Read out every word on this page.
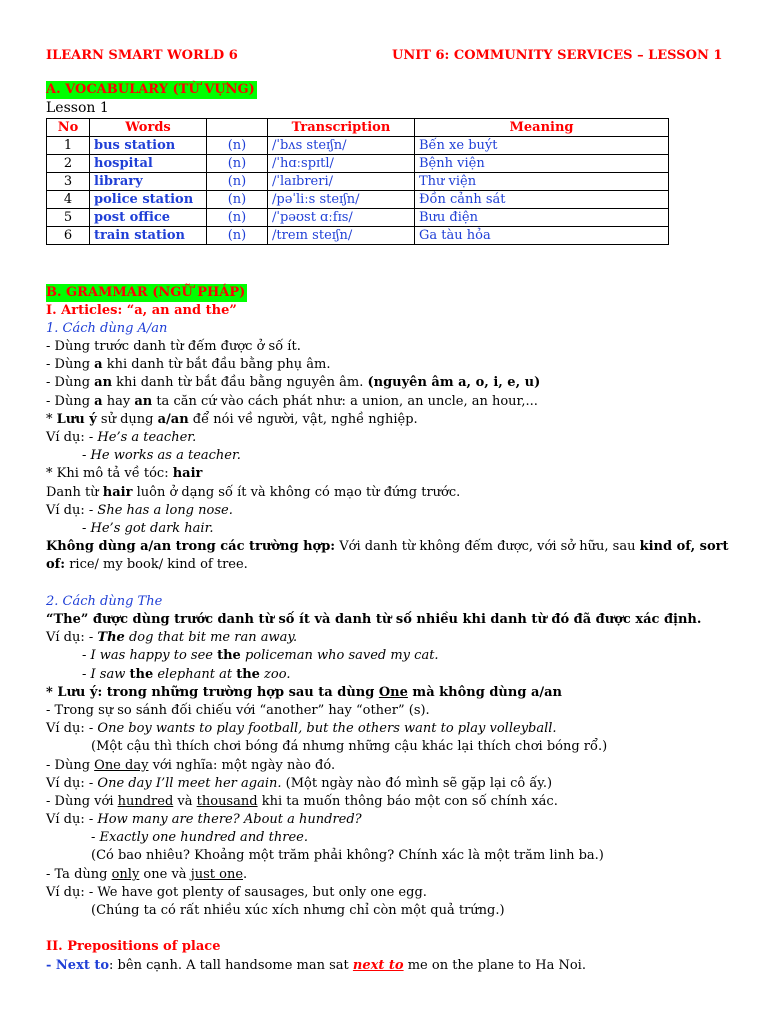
ILEARN SMART WORLD 6	UNIT 6: COMMUNITY SERVICES – LESSON 1
A. VOCABULARY (TỪ VỰNG)
Lesson 1
No	Words		Transcription	Meaning
1	bus station	(n)	/ˈbʌs steɪʃn/	Bến xe buýt
2	hospital	(n)	/ˈhɑːspɪtl/	Bệnh viện
3	library	(n)	/ˈlaɪbreri/	Thư viện
4	police station	(n)	/pəˈliːs steɪʃn/	Đồn cảnh sát
5	post office	(n)	/ˈpəʊst ɑːfɪs/	Bưu điện
6	train station	(n)	/treɪn steɪʃn/	Ga tàu hỏa
B. GRAMMAR (NGỮ PHÁP)
I. Articles: “a, an and the”
1. Cách dùng A/an
- Dùng trước danh từ đếm được ở số ít.
- Dùng a khi danh từ bắt đầu bằng phụ âm.
- Dùng an khi danh từ bắt đầu bằng nguyên âm. (nguyên âm a, o, i, e, u)
- Dùng a hay an ta căn cứ vào cách phát như: a union, an uncle, an hour,...
* Lưu ý sử dụng a/an để nói về người, vật, nghề nghiệp.
Ví dụ: - He’s a teacher.
- He works as a teacher.
* Khi mô tả về tóc: hair
Danh từ hair luôn ở dạng số ít và không có mạo từ đứng trước.
Ví dụ: - She has a long nose.
- He’s got dark hair.
Không dùng a/an trong các trường hợp: Với danh từ không đếm được, với sở hữu, sau kind of, sort
of: rice/ my book/ kind of tree.
2. Cách dùng The
“The” được dùng trước danh từ số ít và danh từ số nhiều khi danh từ đó đã được xác định.
Ví dụ: - The dog that bit me ran away.
- I was happy to see the policeman who saved my cat.
- I saw the elephant at the zoo.
* Lưu ý: trong những trường hợp sau ta dùng One mà không dùng a/an
- Trong sự so sánh đối chiếu với “another” hay “other” (s).
Ví dụ: - One boy wants to play football, but the others want to play volleyball.
(Một cậu thì thích chơi bóng đá nhưng những cậu khác lại thích chơi bóng rổ.)
- Dùng One day với nghĩa: một ngày nào đó.
Ví dụ: - One day I’ll meet her again. (Một ngày nào đó mình sẽ gặp lại cô ấy.)
- Dùng với hundred và thousand khi ta muốn thông báo một con số chính xác.
Ví dụ: - How many are there? About a hundred?
- Exactly one hundred and three.
(Có bao nhiêu? Khoảng một trăm phải không? Chính xác là một trăm linh ba.)
- Ta dùng only one và just one.
Ví dụ: - We have got plenty of sausages, but only one egg.
(Chúng ta có rất nhiều xúc xích nhưng chỉ còn một quả trứng.)
II. Prepositions of place
- Next to: bên cạnh. A tall handsome man sat next to me on the plane to Ha Noi.
